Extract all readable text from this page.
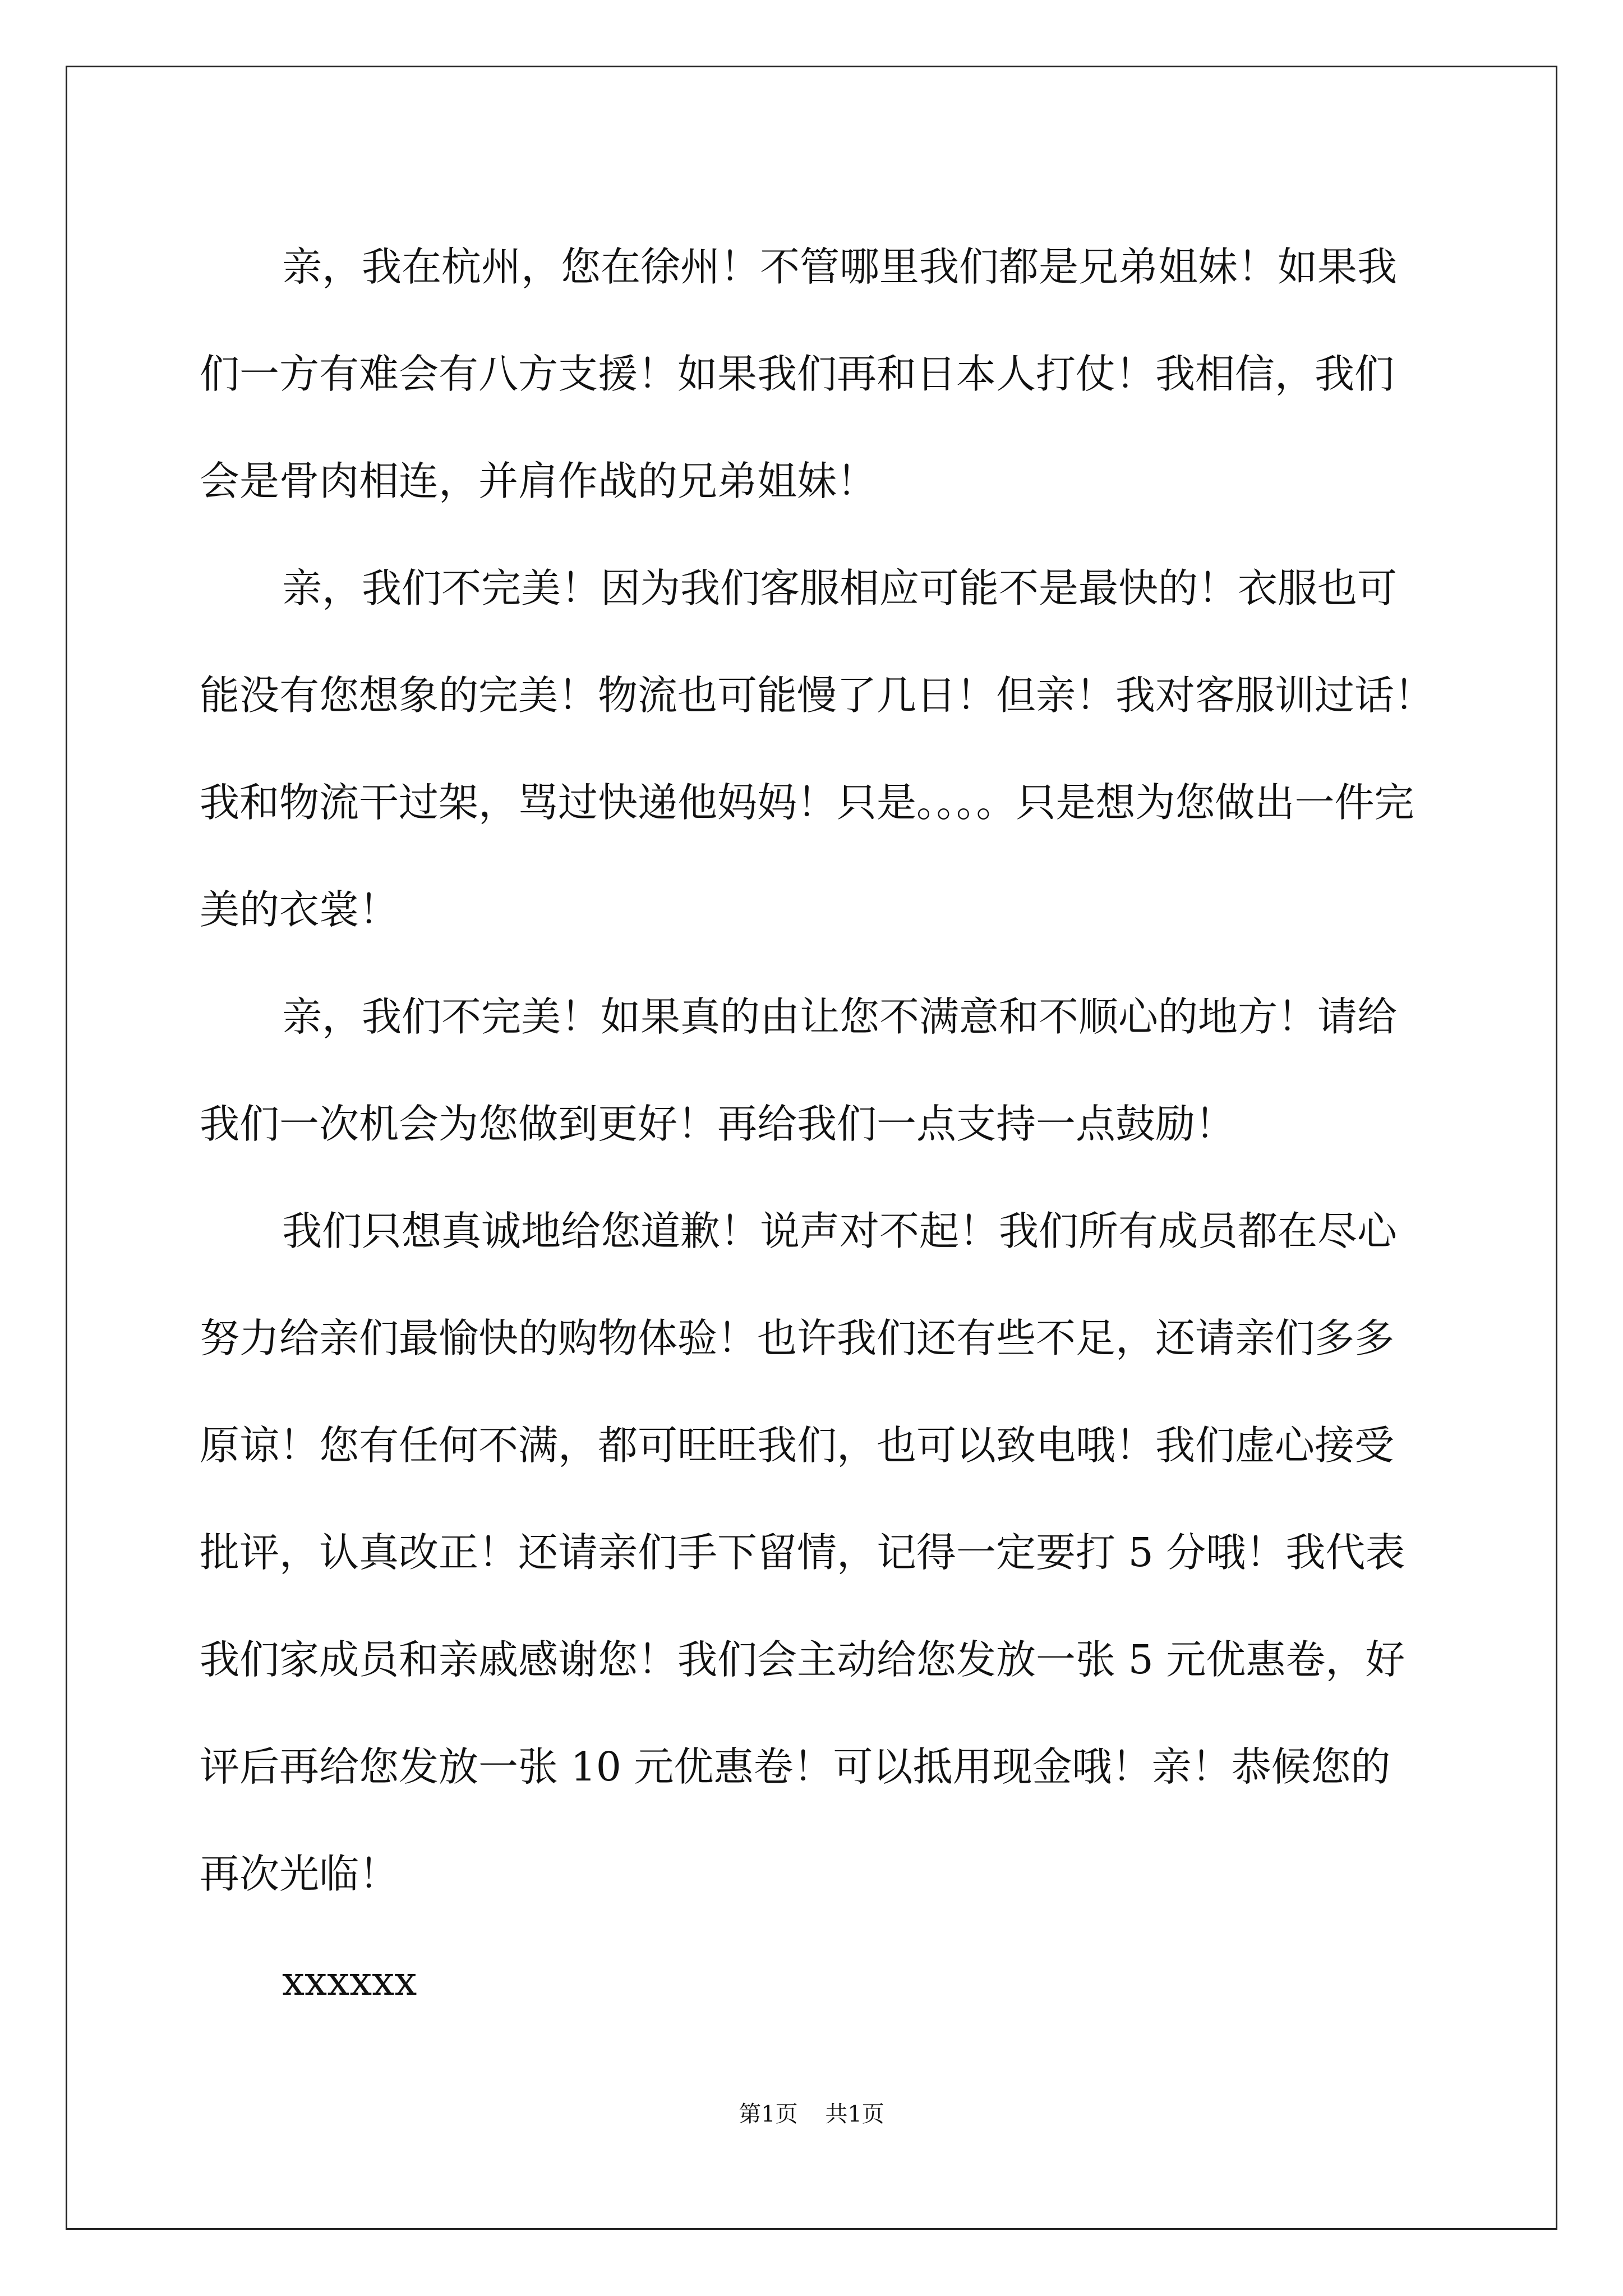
亲，我在杭州，您在徐州！不管哪里我们都是兄弟姐妹！如果我
们一方有难会有八方支援！如果我们再和日本人打仗！我相信，我们
会是骨肉相连，并肩作战的兄弟姐妹！

亲，我们不完美！因为我们客服相应可能不是最快的！衣服也可
能没有您想象的完美！物流也可能慢了几日！但亲！我对客服训过话！
我和物流干过架，骂过快递他妈妈！只是。。。。只是想为您做出一件完
美的衣裳！

亲，我们不完美！如果真的由让您不满意和不顺心的地方！请给
我们一次机会为您做到更好！再给我们一点支持一点鼓励！

我们只想真诚地给您道歉！说声对不起！我们所有成员都在尽心
努力给亲们最愉快的购物体验！也许我们还有些不足，还请亲们多多
原谅！您有任何不满，都可旺旺我们，也可以致电哦！我们虚心接受
批评，认真改正！还请亲们手下留情，记得一定要打 5 分哦！我代表
我们家成员和亲戚感谢您！我们会主动给您发放一张 5 元优惠卷，好
评后再给您发放一张 10 元优惠卷！可以抵用现金哦！亲！恭候您的
再次光临！

xxxxxx

第1页 共1页
